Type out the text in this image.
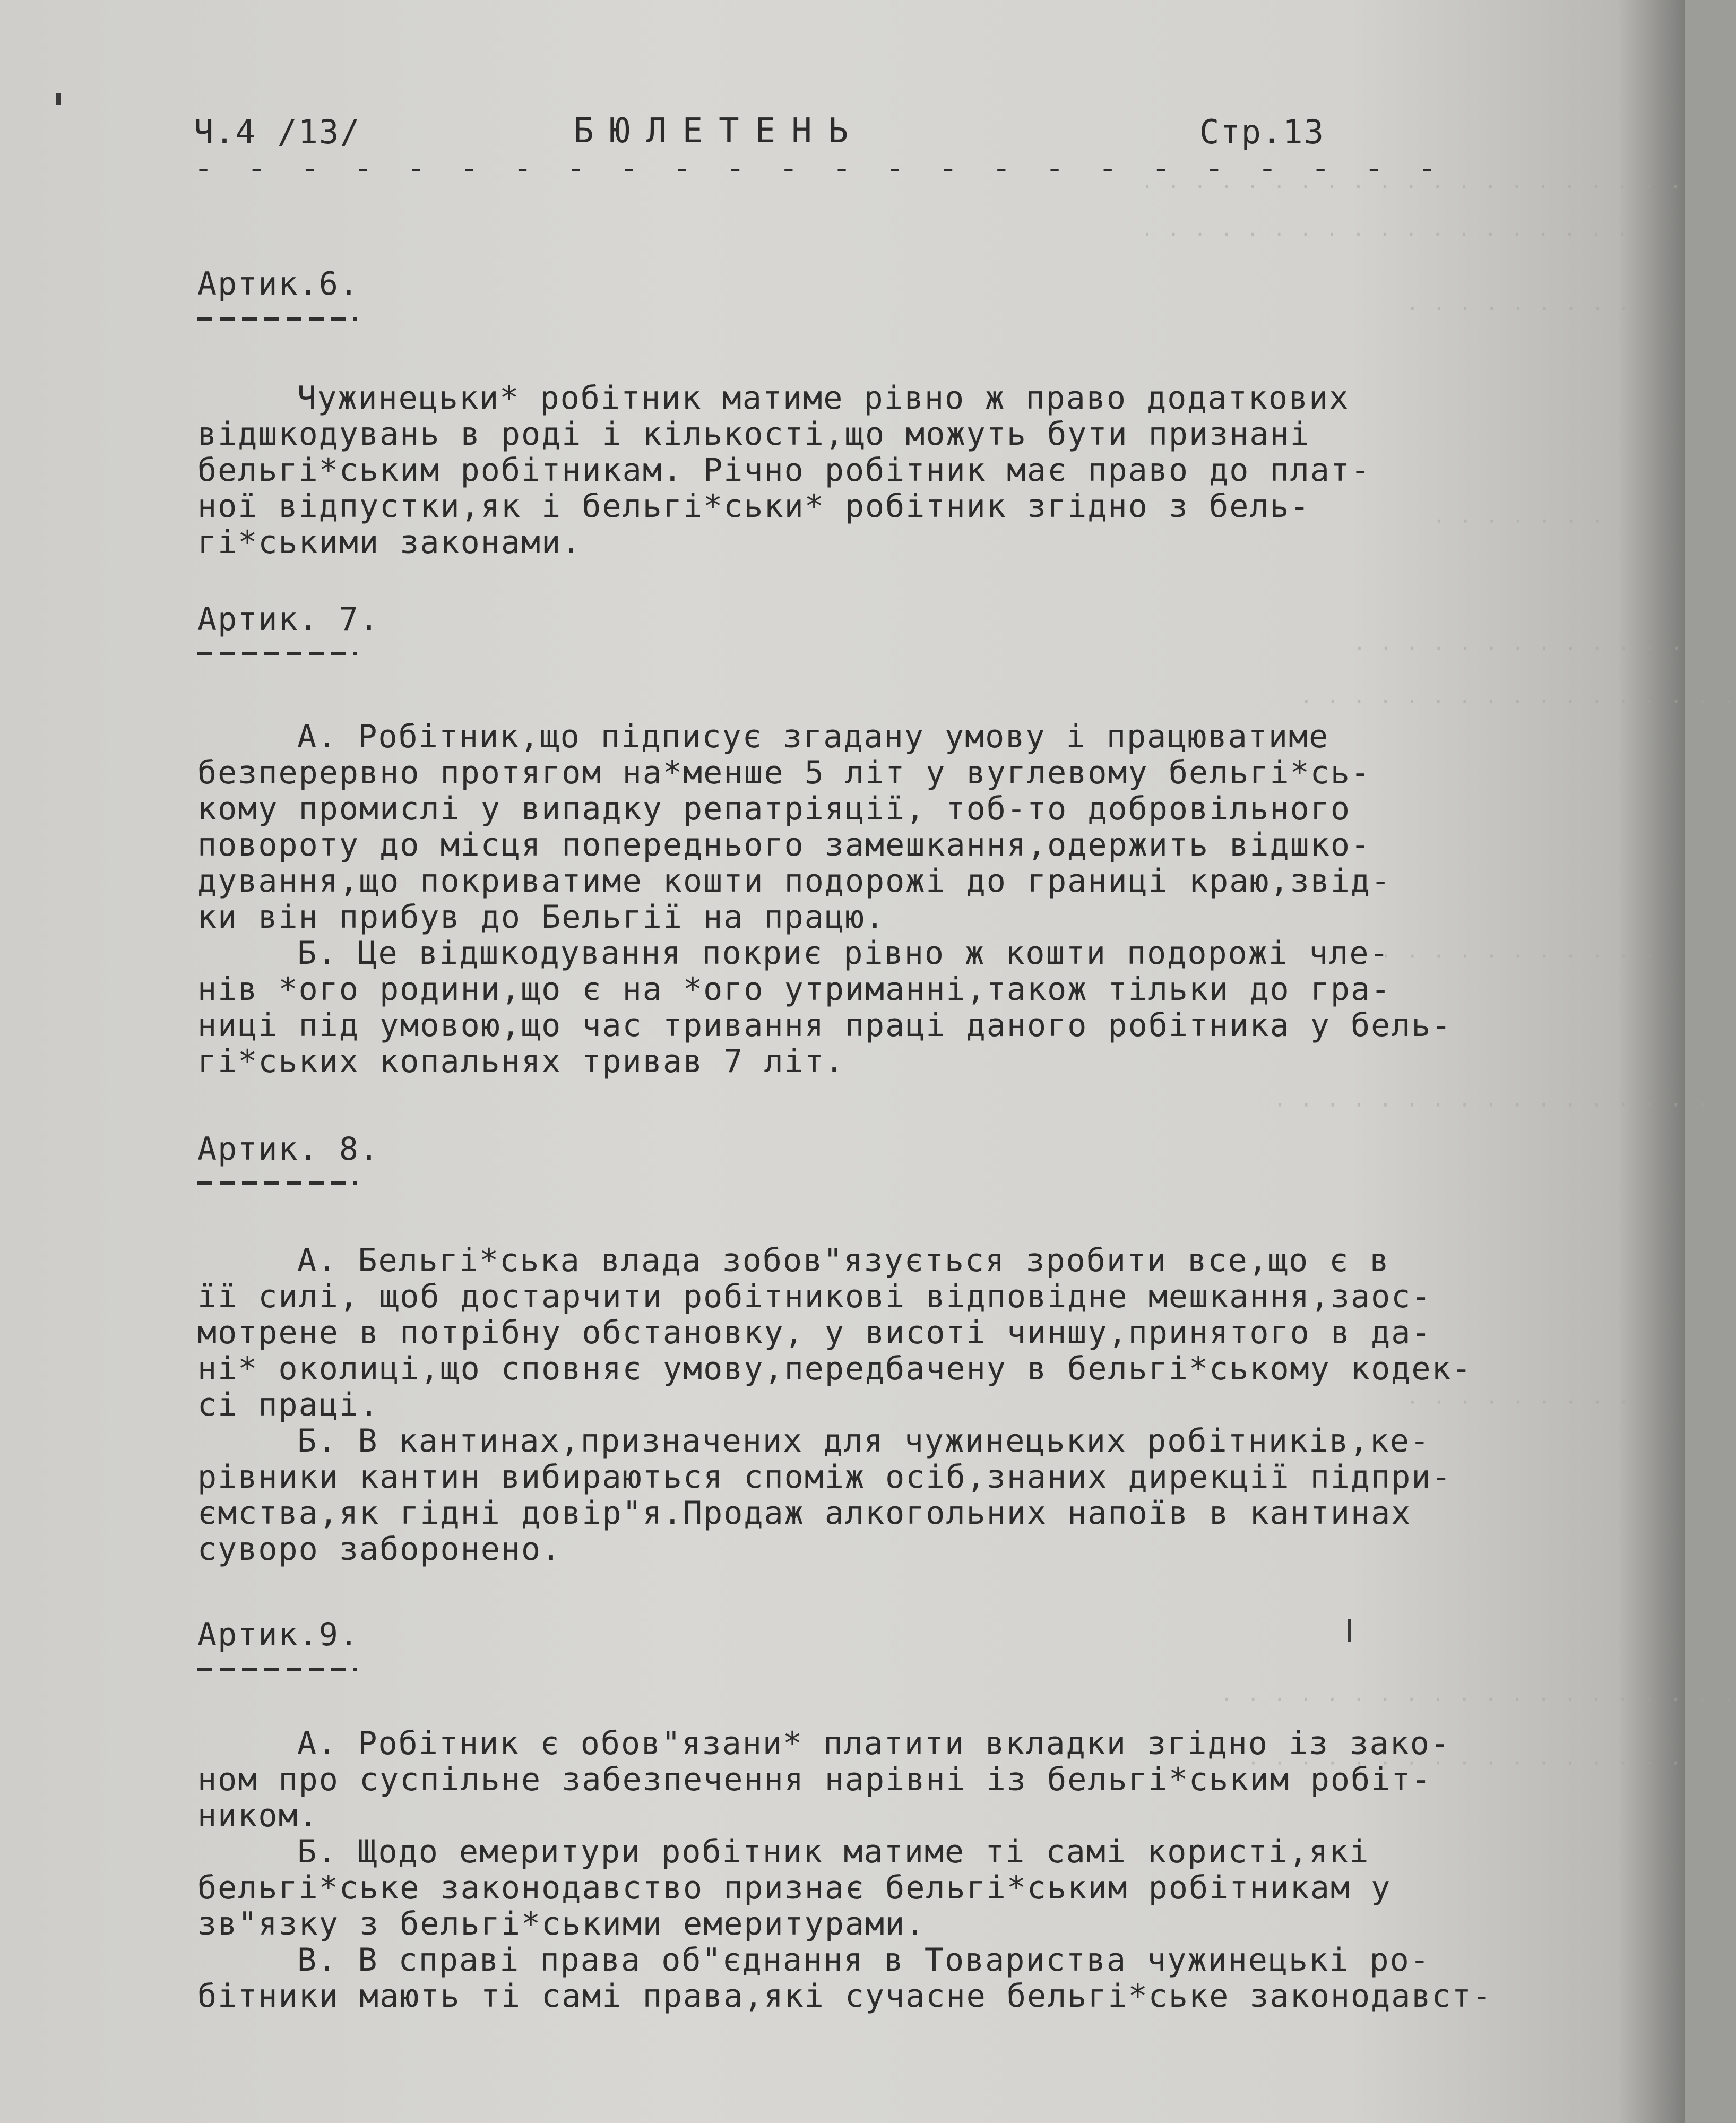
· · · · · · · · · · · · · · · · · · · · ·
· · · · · · · · · · · · · · · · · · ·
· · · · · · · · ·
· · · · · · ·
· · · · · · · · · · · · ·
· · · · · · · · · · · · · · · · ·
· · · · · · · · · · ·
· · · · · · · · · · · · · · · · ·
· · · · · · · · ·
· · · · · · · · · · · · · · · · · · · ·
· · · · · · · · · · · · · · · · ·
Ч.4 /13/	БЮЛЕТЕНЬ	Стр.13
- - - - - - - - - - - - - - - - - - - - - - - -
Артик.6.
Чужинецьки* робітник матиме рівно ж право додаткових
відшкодувань в роді і кількості,що можуть бути признані
бельгі*ським робітникам. Річно робітник має право до плат-
ної відпустки,як і бельгі*ськи* робітник згідно з бель-
гі*ськими законами.
Артик. 7.
А. Робітник,що підписує згадану умову і працюватиме
безперервно протягом на*менше 5 літ у вуглевому бельгі*сь-
кому промислі у випадку репатріяції, тоб-то добровільного
повороту до місця попереднього замешкання,одержить відшко-
дування,що покриватиме кошти подорожі до границі краю,звід-
ки він прибув до Бельгії на працю.
Б. Це відшкодування покриє рівно ж кошти подорожі чле-
нів *ого родини,що є на *ого утриманні,також тільки до гра-
ниці під умовою,що час тривання праці даного робітника у бель-
гі*ських копальнях тривав 7 літ.
Артик. 8.
А. Бельгі*ська влада зобов"язується зробити все,що є в
її силі, щоб достарчити робітникові відповідне мешкання,заос-
мотрене в потрібну обстановку, у висоті чиншу,принятого в да-
ні* околиці,що сповняє умову,передбачену в бельгі*ському кодек-
сі праці.
Б. В кантинах,призначених для чужинецьких робітників,ке-
рівники кантин вибираються споміж осіб,знаних дирекції підпри-
ємства,як гідні довір"я.Продаж алкогольних напоїв в кантинах
суворо заборонено.
Артик.9.
А. Робітник є обов"язани* платити вкладки згідно із зако-
ном про суспільне забезпечення нарівні із бельгі*ським робіт-
ником.
Б. Щодо емеритури робітник матиме ті самі користі,які
бельгі*ське законодавство признає бельгі*ським робітникам у
зв"язку з бельгі*ськими емеритурами.
В. В справі права об"єднання в Товариства чужинецькі ро-
бітники мають ті самі права,які сучасне бельгі*ське законодавст-
